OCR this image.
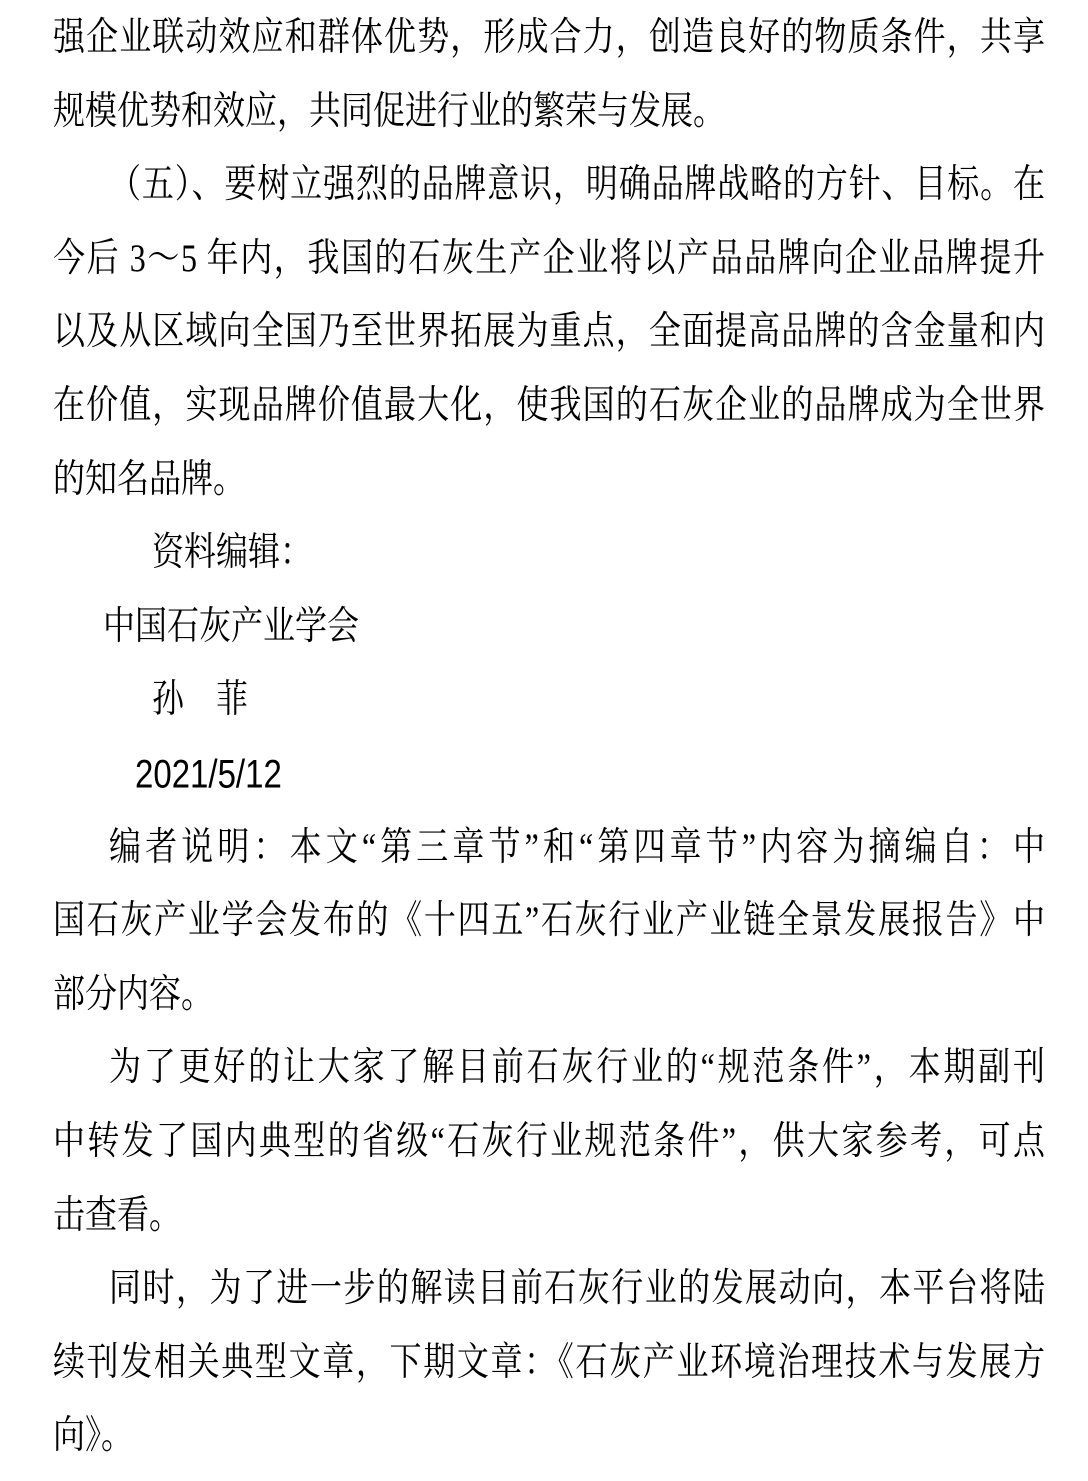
强企业联动效应和群体优势，形成合力，创造良好的物质条件，共享
规模优势和效应，共同促进行业的繁荣与发展。
（五）、要树立强烈的品牌意识，明确品牌战略的方针、目标。在
今后 3～5 年内，我国的石灰生产企业将以产品品牌向企业品牌提升
以及从区域向全国乃至世界拓展为重点，全面提高品牌的含金量和内
在价值，实现品牌价值最大化，使我国的石灰企业的品牌成为全世界
的知名品牌。
资料编辑：
中国石灰产业学会
孙　菲
2021/5/12
编者说明：本文“第三章节”和“第四章节”内容为摘编自：中
国石灰产业学会发布的《十四五”石灰行业产业链全景发展报告》中
部分内容。
为了更好的让大家了解目前石灰行业的“规范条件”，本期副刊
中转发了国内典型的省级“石灰行业规范条件”，供大家参考，可点
击查看。
同时，为了进一步的解读目前石灰行业的发展动向，本平台将陆
续刊发相关典型文章，下期文章：《石灰产业环境治理技术与发展方
向》。
